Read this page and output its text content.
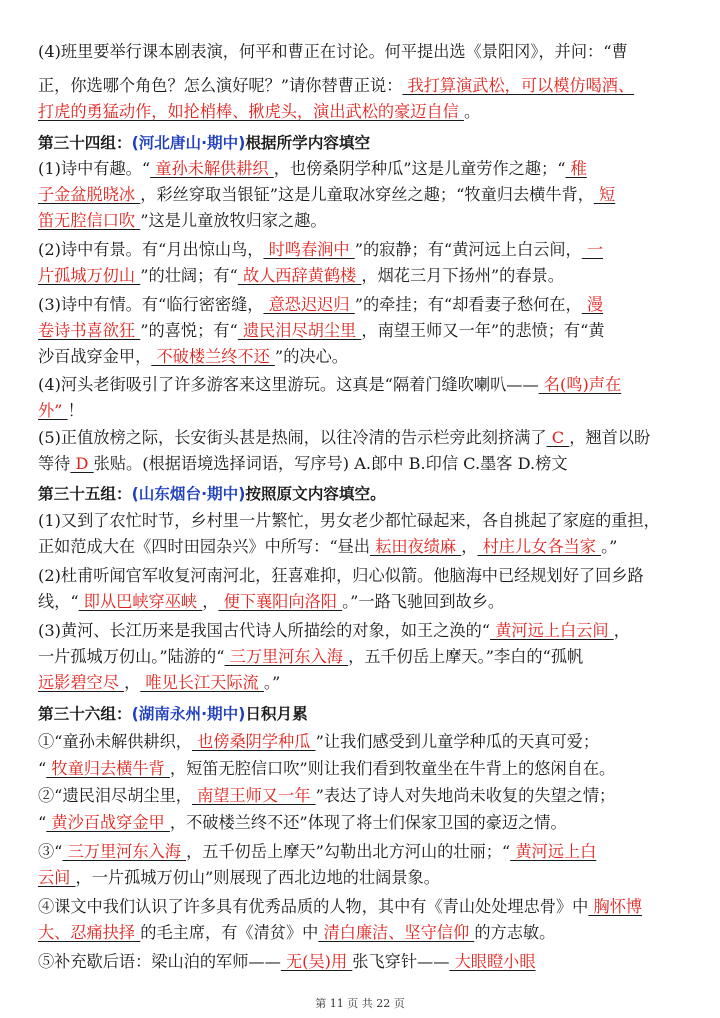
(4)班里要举行课本剧表演，何平和曹正在讨论。何平提出选《景阳冈》，并问：“曹
正，你选哪个角色？怎么演好呢？”请你替曹正说： 我打算演武松，可以模仿喝酒、
打虎的勇猛动作，如抡梢棒、揪虎头，演出武松的豪迈自信 。
第三十四组：(河北唐山·期中)根据所学内容填空
(1)诗中有趣。“ 童孙未解供耕织 ，也傍桑阴学种瓜”这是儿童劳作之趣；“ 稚
子金盆脱晓冰 ，彩丝穿取当银钲”这是儿童取冰穿丝之趣；“牧童归去横牛背， 短
笛无腔信口吹 ”这是儿童放牧归家之趣。
(2)诗中有景。有“月出惊山鸟， 时鸣春涧中 ”的寂静；有“黄河远上白云间， 一
片孤城万仞山 ”的壮阔；有“ 故人西辞黄鹤楼 ，烟花三月下扬州”的春景。
(3)诗中有情。有“临行密密缝， 意恐迟迟归 ”的牵挂；有“却看妻子愁何在， 漫
卷诗书喜欲狂 ”的喜悦；有“ 遗民泪尽胡尘里 ，南望王师又一年”的悲愤；有“黄
沙百战穿金甲， 不破楼兰终不还 ”的决心。
(4)河头老街吸引了许多游客来这里游玩。这真是“隔着门缝吹喇叭—— 名(鸣)声在
外” ！
(5)正值放榜之际，长安街头甚是热闹，以往冷清的告示栏旁此刻挤满了 C ，翘首以盼
等待 D 张贴。(根据语境选择词语，写序号) A.郎中 B.印信 C.墨客 D.榜文
第三十五组：(山东烟台·期中)按照原文内容填空。
(1)又到了农忙时节，乡村里一片繁忙，男女老少都忙碌起来，各自挑起了家庭的重担，
正如范成大在《四时田园杂兴》中所写：“昼出 耘田夜绩麻 ， 村庄儿女各当家 。”
(2)杜甫听闻官军收复河南河北，狂喜难抑，归心似箭。他脑海中已经规划好了回乡路
线，“ 即从巴峡穿巫峡 ， 便下襄阳向洛阳 。”一路飞驰回到故乡。
(3)黄河、长江历来是我国古代诗人所描绘的对象，如王之涣的“ 黄河远上白云间 ，
一片孤城万仞山。”陆游的“ 三万里河东入海 ，五千仞岳上摩天。”李白的“孤帆
远影碧空尽 ， 唯见长江天际流 。”
第三十六组：(湖南永州·期中)日积月累
①“童孙未解供耕织， 也傍桑阴学种瓜 ”让我们感受到儿童学种瓜的天真可爱；
“ 牧童归去横牛背 ，短笛无腔信口吹”则让我们看到牧童坐在牛背上的悠闲自在。
②“遗民泪尽胡尘里， 南望王师又一年 ”表达了诗人对失地尚未收复的失望之情；
“ 黄沙百战穿金甲 ，不破楼兰终不还”体现了将士们保家卫国的豪迈之情。
③“ 三万里河东入海 ，五千仞岳上摩天”勾勒出北方河山的壮丽；“ 黄河远上白
云间 ，一片孤城万仞山”则展现了西北边地的壮阔景象。
④课文中我们认识了许多具有优秀品质的人物，其中有《青山处处埋忠骨》中 胸怀博
大、忍痛抉择 的毛主席，有《清贫》中 清白廉洁、坚守信仰 的方志敏。
⑤补充歇后语：梁山泊的军师—— 无(吴)用 张飞穿针—— 大眼瞪小眼
第 11 页 共 22 页
